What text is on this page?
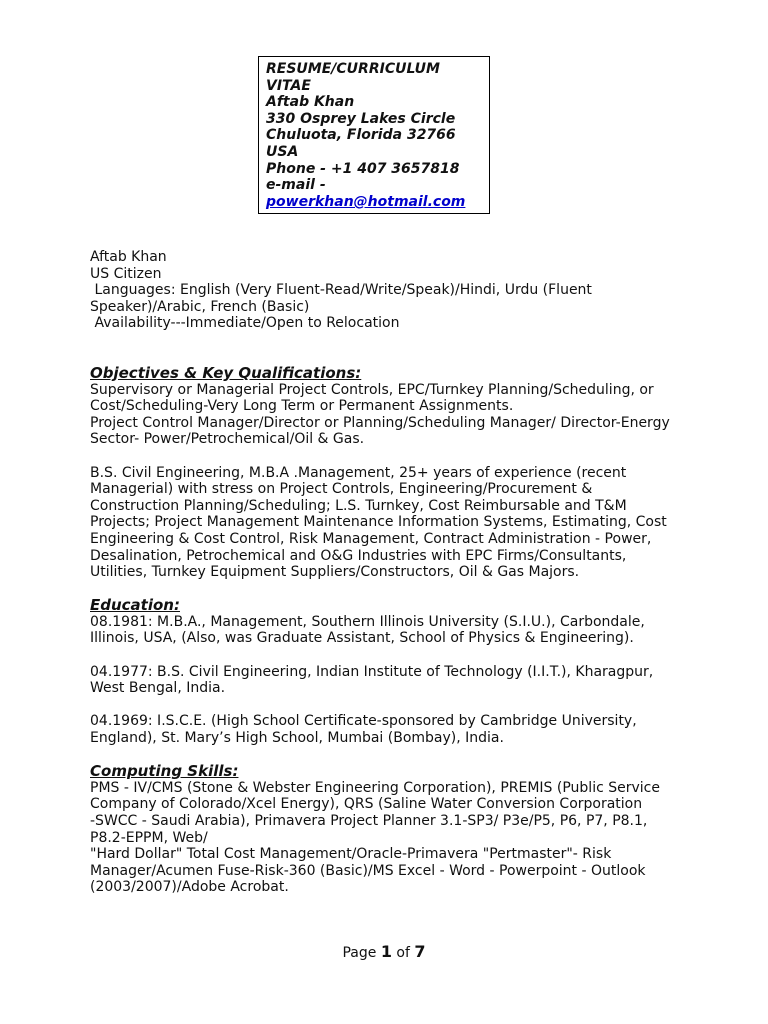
RESUME/CURRICULUM
VITAE
Aftab Khan
330 Osprey Lakes Circle
Chuluota, Florida 32766
USA
Phone - +1 407 3657818
e-mail -
powerkhan@hotmail.com
Aftab Khan
US Citizen
Languages: English (Very Fluent-Read/Write/Speak)/Hindi, Urdu (Fluent
Speaker)/Arabic, French (Basic)
Availability---Immediate/Open to Relocation
Objectives & Key Qualifications:
Supervisory or Managerial Project Controls, EPC/Turnkey Planning/Scheduling, or
Cost/Scheduling-Very Long Term or Permanent Assignments.
Project Control Manager/Director or Planning/Scheduling Manager/ Director-Energy
Sector- Power/Petrochemical/Oil & Gas.
B.S. Civil Engineering, M.B.A .Management, 25+ years of experience (recent
Managerial) with stress on Project Controls, Engineering/Procurement &
Construction Planning/Scheduling; L.S. Turnkey, Cost Reimbursable and T&M
Projects; Project Management Maintenance Information Systems, Estimating, Cost
Engineering & Cost Control, Risk Management, Contract Administration - Power,
Desalination, Petrochemical and O&G Industries with EPC Firms/Consultants,
Utilities, Turnkey Equipment Suppliers/Constructors, Oil & Gas Majors.
Education:
08.1981: M.B.A., Management, Southern Illinois University (S.I.U.), Carbondale,
Illinois, USA, (Also, was Graduate Assistant, School of Physics & Engineering).
04.1977: B.S. Civil Engineering, Indian Institute of Technology (I.I.T.), Kharagpur,
West Bengal, India.
04.1969: I.S.C.E. (High School Certificate-sponsored by Cambridge University,
England), St. Mary’s High School, Mumbai (Bombay), India.
Computing Skills:
PMS - IV/CMS (Stone & Webster Engineering Corporation), PREMIS (Public Service
Company of Colorado/Xcel Energy), QRS (Saline Water Conversion Corporation
-SWCC - Saudi Arabia), Primavera Project Planner 3.1-SP3/ P3e/P5, P6, P7, P8.1,
P8.2-EPPM, Web/
"Hard Dollar" Total Cost Management/Oracle-Primavera "Pertmaster"- Risk
Manager/Acumen Fuse-Risk-360 (Basic)/MS Excel - Word - Powerpoint - Outlook
(2003/2007)/Adobe Acrobat.
Page 1 of 7
